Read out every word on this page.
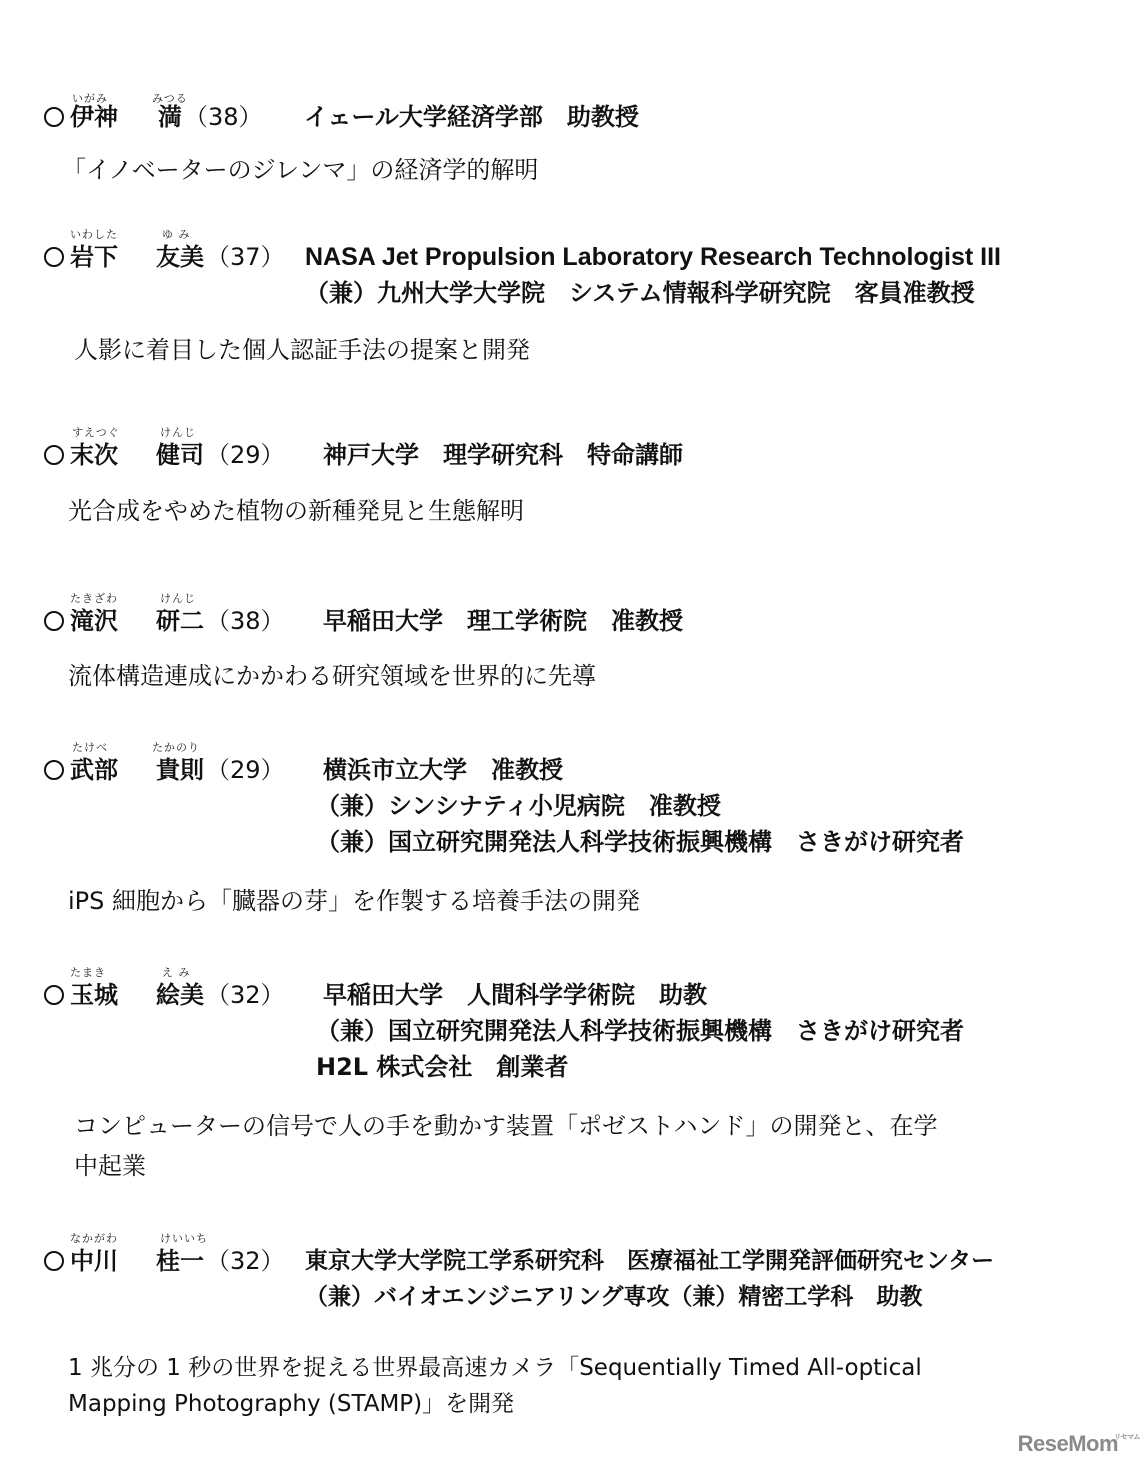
いがみ	みつる
伊神 満 （38） イェール大学経済学部　助教授
「イノベーターのジレンマ」の経済学的解明
いわした	ゆ み
岩下 友美 （37） NASA Jet Propulsion Laboratory Research Technologist III
（兼）九州大学大学院　システム情報科学研究院　客員准教授
人影に着目した個人認証手法の提案と開発
すえつぐ	けんじ
末次 健司 （29） 神戸大学　理学研究科　特命講師
光合成をやめた植物の新種発見と生態解明
たきざわ	けんじ
滝沢 研二 （38） 早稲田大学　理工学術院　准教授
流体構造連成にかかわる研究領域を世界的に先導
たけべ	たかのり
武部 貴則 （29） 横浜市立大学　准教授
（兼）シンシナティ小児病院　准教授
（兼）国立研究開発法人科学技術振興機構　さきがけ研究者
iPS 細胞から「臓器の芽」を作製する培養手法の開発
たまき	え み
玉城 絵美 （32） 早稲田大学　人間科学学術院　助教
（兼）国立研究開発法人科学技術振興機構　さきがけ研究者
H2L 株式会社　創業者
コンピューターの信号で人の手を動かす装置「ポゼストハンド」の開発と、在学
中起業
なかがわ	けいいち
中川 桂一 （32） 東京大学大学院工学系研究科　医療福祉工学開発評価研究センター
（兼）バイオエンジニアリング専攻（兼）精密工学科　助教
1 兆分の 1 秒の世界を捉える世界最高速カメラ「Sequentially Timed All-optical
Mapping Photography (STAMP)」を開発
ReseMom$^{リセマム}$
